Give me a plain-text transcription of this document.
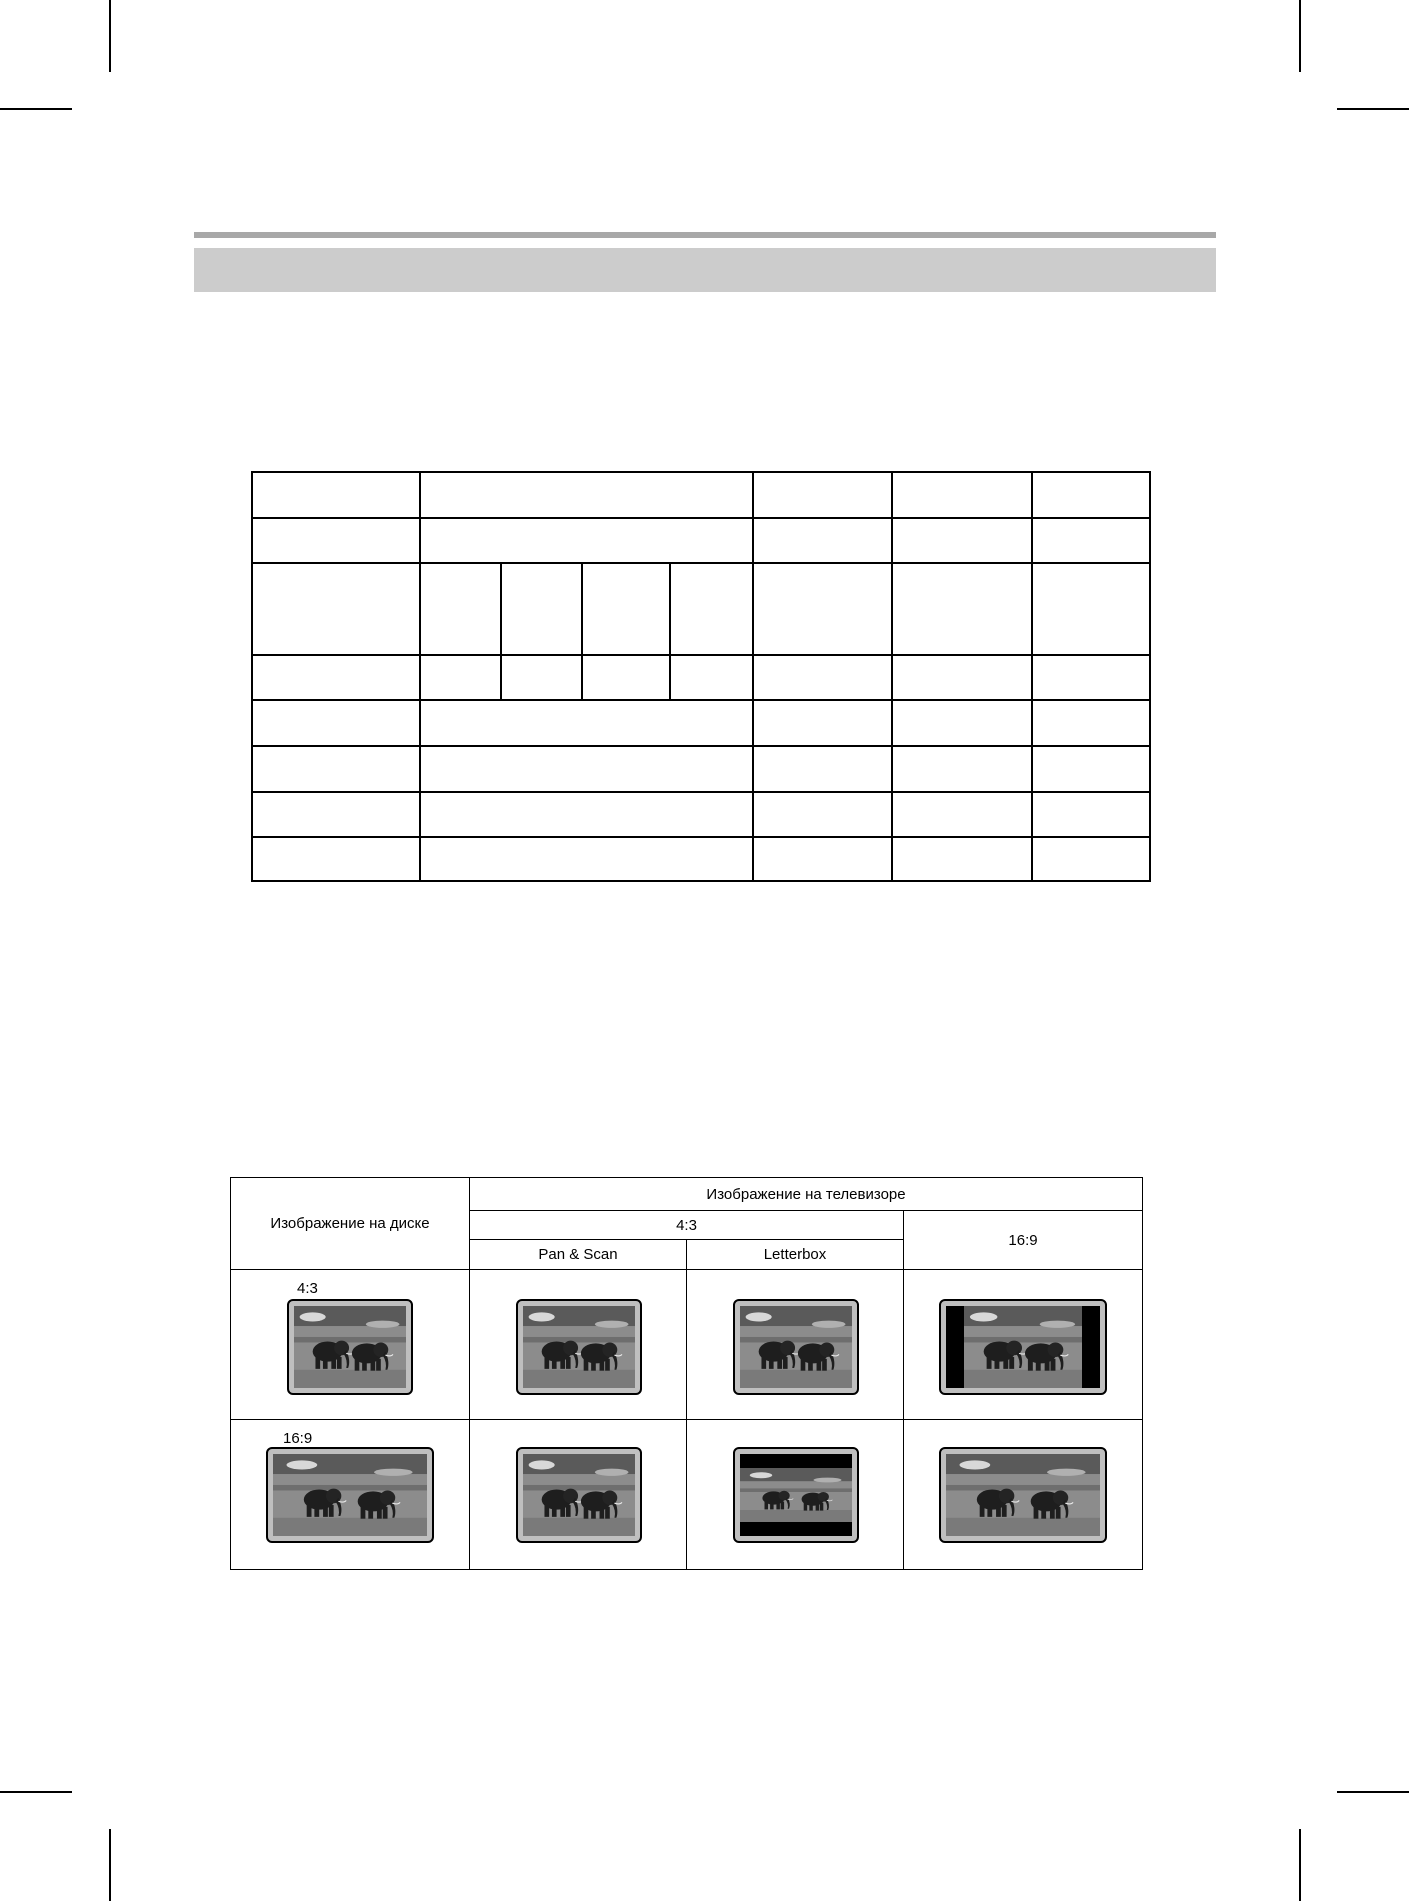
Изображение на диске	Изображение на телевизоре		
	4:3		16:9
	Pan & Scan	Letterbox	

4:3

16:9
